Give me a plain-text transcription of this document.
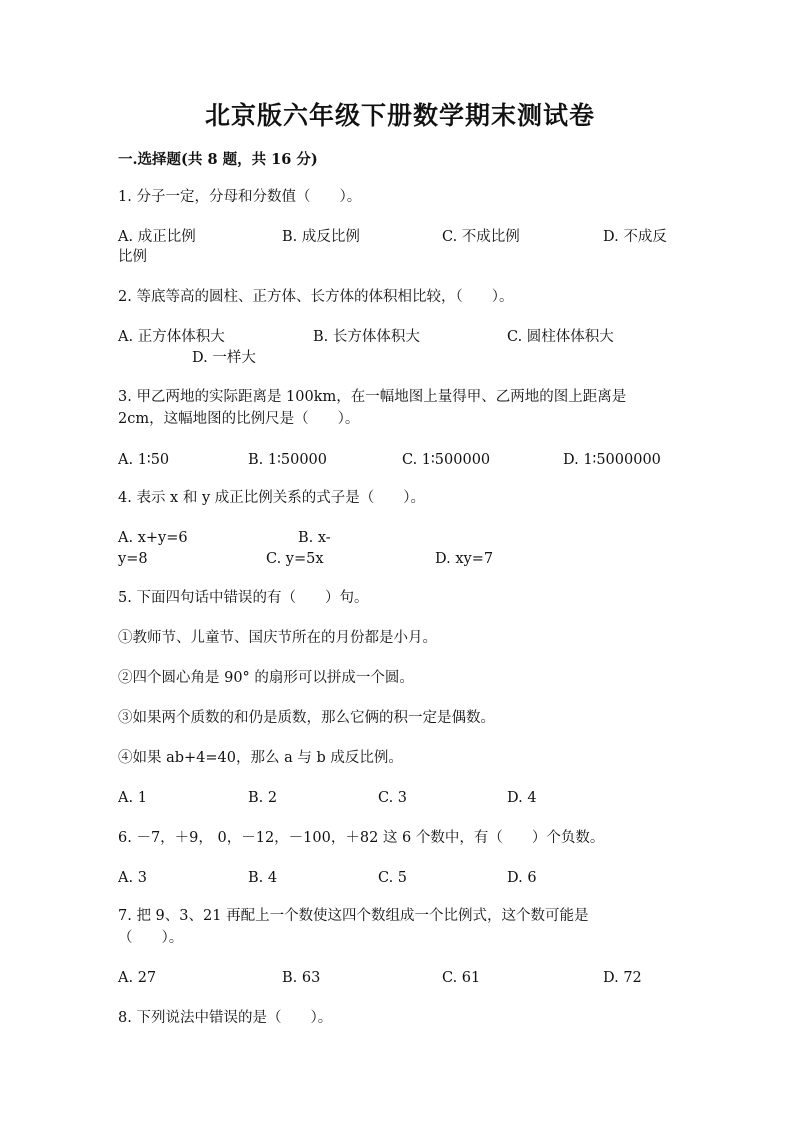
北京版六年级下册数学期末测试卷
一.选择题(共 8 题，共 16 分)
1. 分子一定，分母和分数值（　　）。
A. 成正比例	B. 成反比例	C. 不成比例	D. 不成反
比例
2. 等底等高的圆柱、正方体、长方体的体积相比较，（　　）。
A. 正方体体积大	B. 长方体体积大	C. 圆柱体体积大
D. 一样大
3. 甲乙两地的实际距离是 100km，在一幅地图上量得甲、乙两地的图上距离是
2cm，这幅地图的比例尺是（　　）。
A. 1∶50	B. 1∶50000	C. 1∶500000	D. 1∶5000000
4. 表示 x 和 y 成正比例关系的式子是（　　）。
A. x+y=6	B. x-
y=8	C. y=5x	D. xy=7
5. 下面四句话中错误的有（　　）句。
①教师节、儿童节、国庆节所在的月份都是小月。
②四个圆心角是 90° 的扇形可以拼成一个圆。
③如果两个质数的和仍是质数，那么它俩的积一定是偶数。
④如果 ab+4=40，那么 a 与 b 成反比例。
A. 1	B. 2	C. 3	D. 4
6. －7，＋9， 0，－12，－100，＋82 这 6 个数中，有（　　）个负数。
A. 3	B. 4	C. 5	D. 6
7. 把 9、3、21 再配上一个数使这四个数组成一个比例式，这个数可能是
（　　）。
A. 27	B. 63	C. 61	D. 72
8. 下列说法中错误的是（　　）。
